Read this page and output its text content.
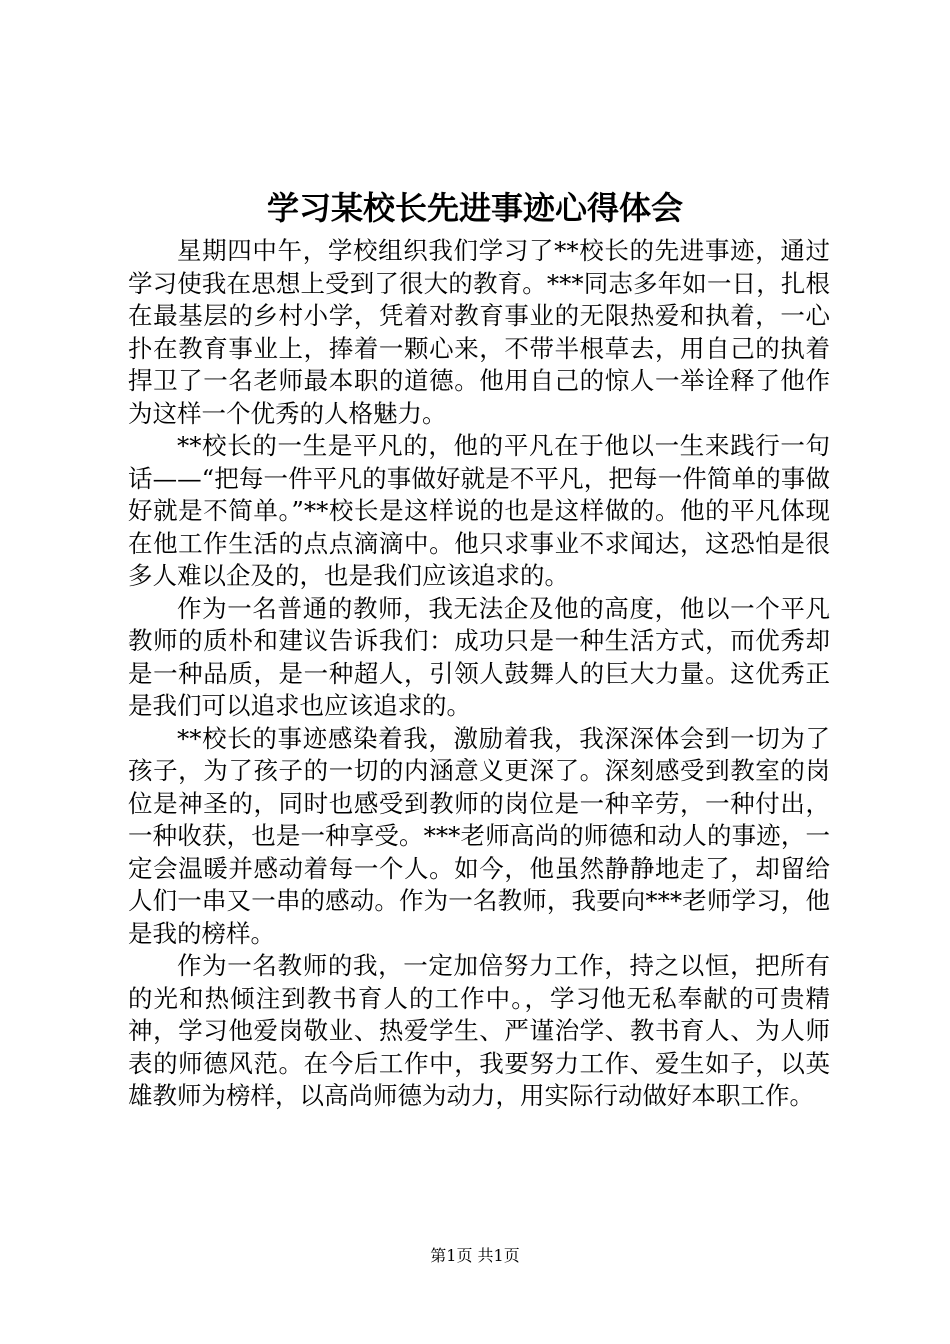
学习某校长先进事迹心得体会

星期四中午，学校组织我们学习了**校长的先进事迹，通过学习使我在思想上受到了很大的教育。***同志多年如一日，扎根在最基层的乡村小学，凭着对教育事业的无限热爱和执着，一心扑在教育事业上，捧着一颗心来，不带半根草去，用自己的执着捍卫了一名老师最本职的道德。他用自己的惊人一举诠释了他作为这样一个优秀的人格魅力。

**校长的一生是平凡的，他的平凡在于他以一生来践行一句话——“把每一件平凡的事做好就是不平凡，把每一件简单的事做好就是不简单。”**校长是这样说的也是这样做的。他的平凡体现在他工作生活的点点滴滴中。他只求事业不求闻达，这恐怕是很多人难以企及的，也是我们应该追求的。

作为一名普通的教师，我无法企及他的高度，他以一个平凡教师的质朴和建议告诉我们：成功只是一种生活方式，而优秀却是一种品质，是一种超人，引领人鼓舞人的巨大力量。这优秀正是我们可以追求也应该追求的。

**校长的事迹感染着我，激励着我，我深深体会到一切为了孩子，为了孩子的一切的内涵意义更深了。深刻感受到教室的岗位是神圣的，同时也感受到教师的岗位是一种辛劳，一种付出，一种收获，也是一种享受。***老师高尚的师德和动人的事迹，一定会温暖并感动着每一个人。如今，他虽然静静地走了，却留给人们一串又一串的感动。作为一名教师，我要向***老师学习，他是我的榜样。

作为一名教师的我，一定加倍努力工作，持之以恒，把所有的光和热倾注到教书育人的工作中。，学习他无私奉献的可贵精神，学习他爱岗敬业、热爱学生、严谨治学、教书育人、为人师表的师德风范。在今后工作中，我要努力工作、爱生如子，以英雄教师为榜样，以高尚师德为动力，用实际行动做好本职工作。

第1页 共1页
